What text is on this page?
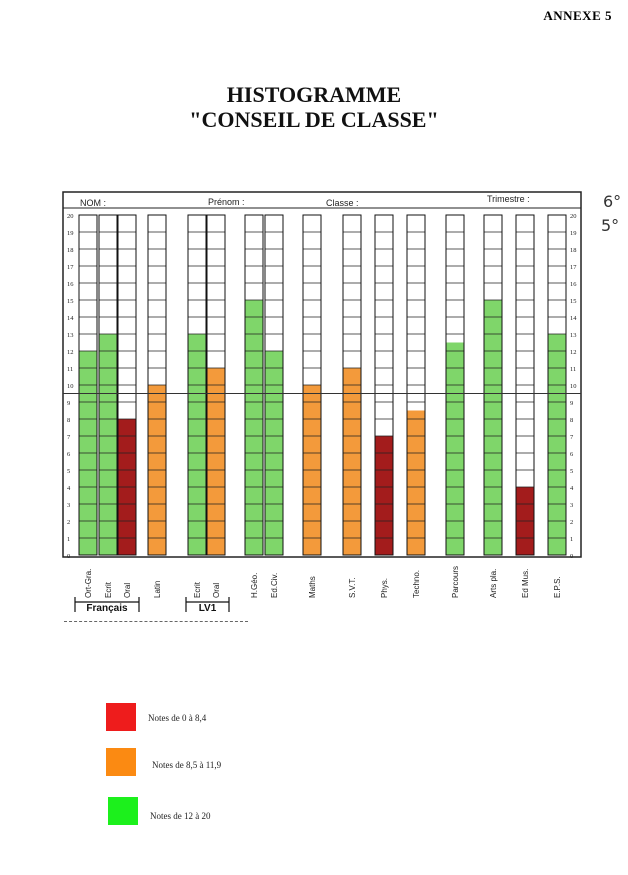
ANNEXE 5
HISTOGRAMME
"CONSEIL DE CLASSE"
6°
5°
NOM :	Prénom :	Classe :	Trimestre :
0	0
1	1
2	2
3	3
4	4
5	5
6	6
7	7
8	8
9	9
10	10
11	11
12	12
13	13
14	14
15	15
16	16
17	17
18	18
19	19
20	20
Ort-Gra. Ecrit Oral	Latin	Ecrit Oral	H.Géo. Ed.Civ.	Maths	S.V.T.	Phys.	Techno.	Parcours	Arts pla.	Ed Mus.	E.P.S.
Français	LV1
Notes de 0 à 8,4
Notes de 8,5 à 11,9
Notes de 12 à 20
